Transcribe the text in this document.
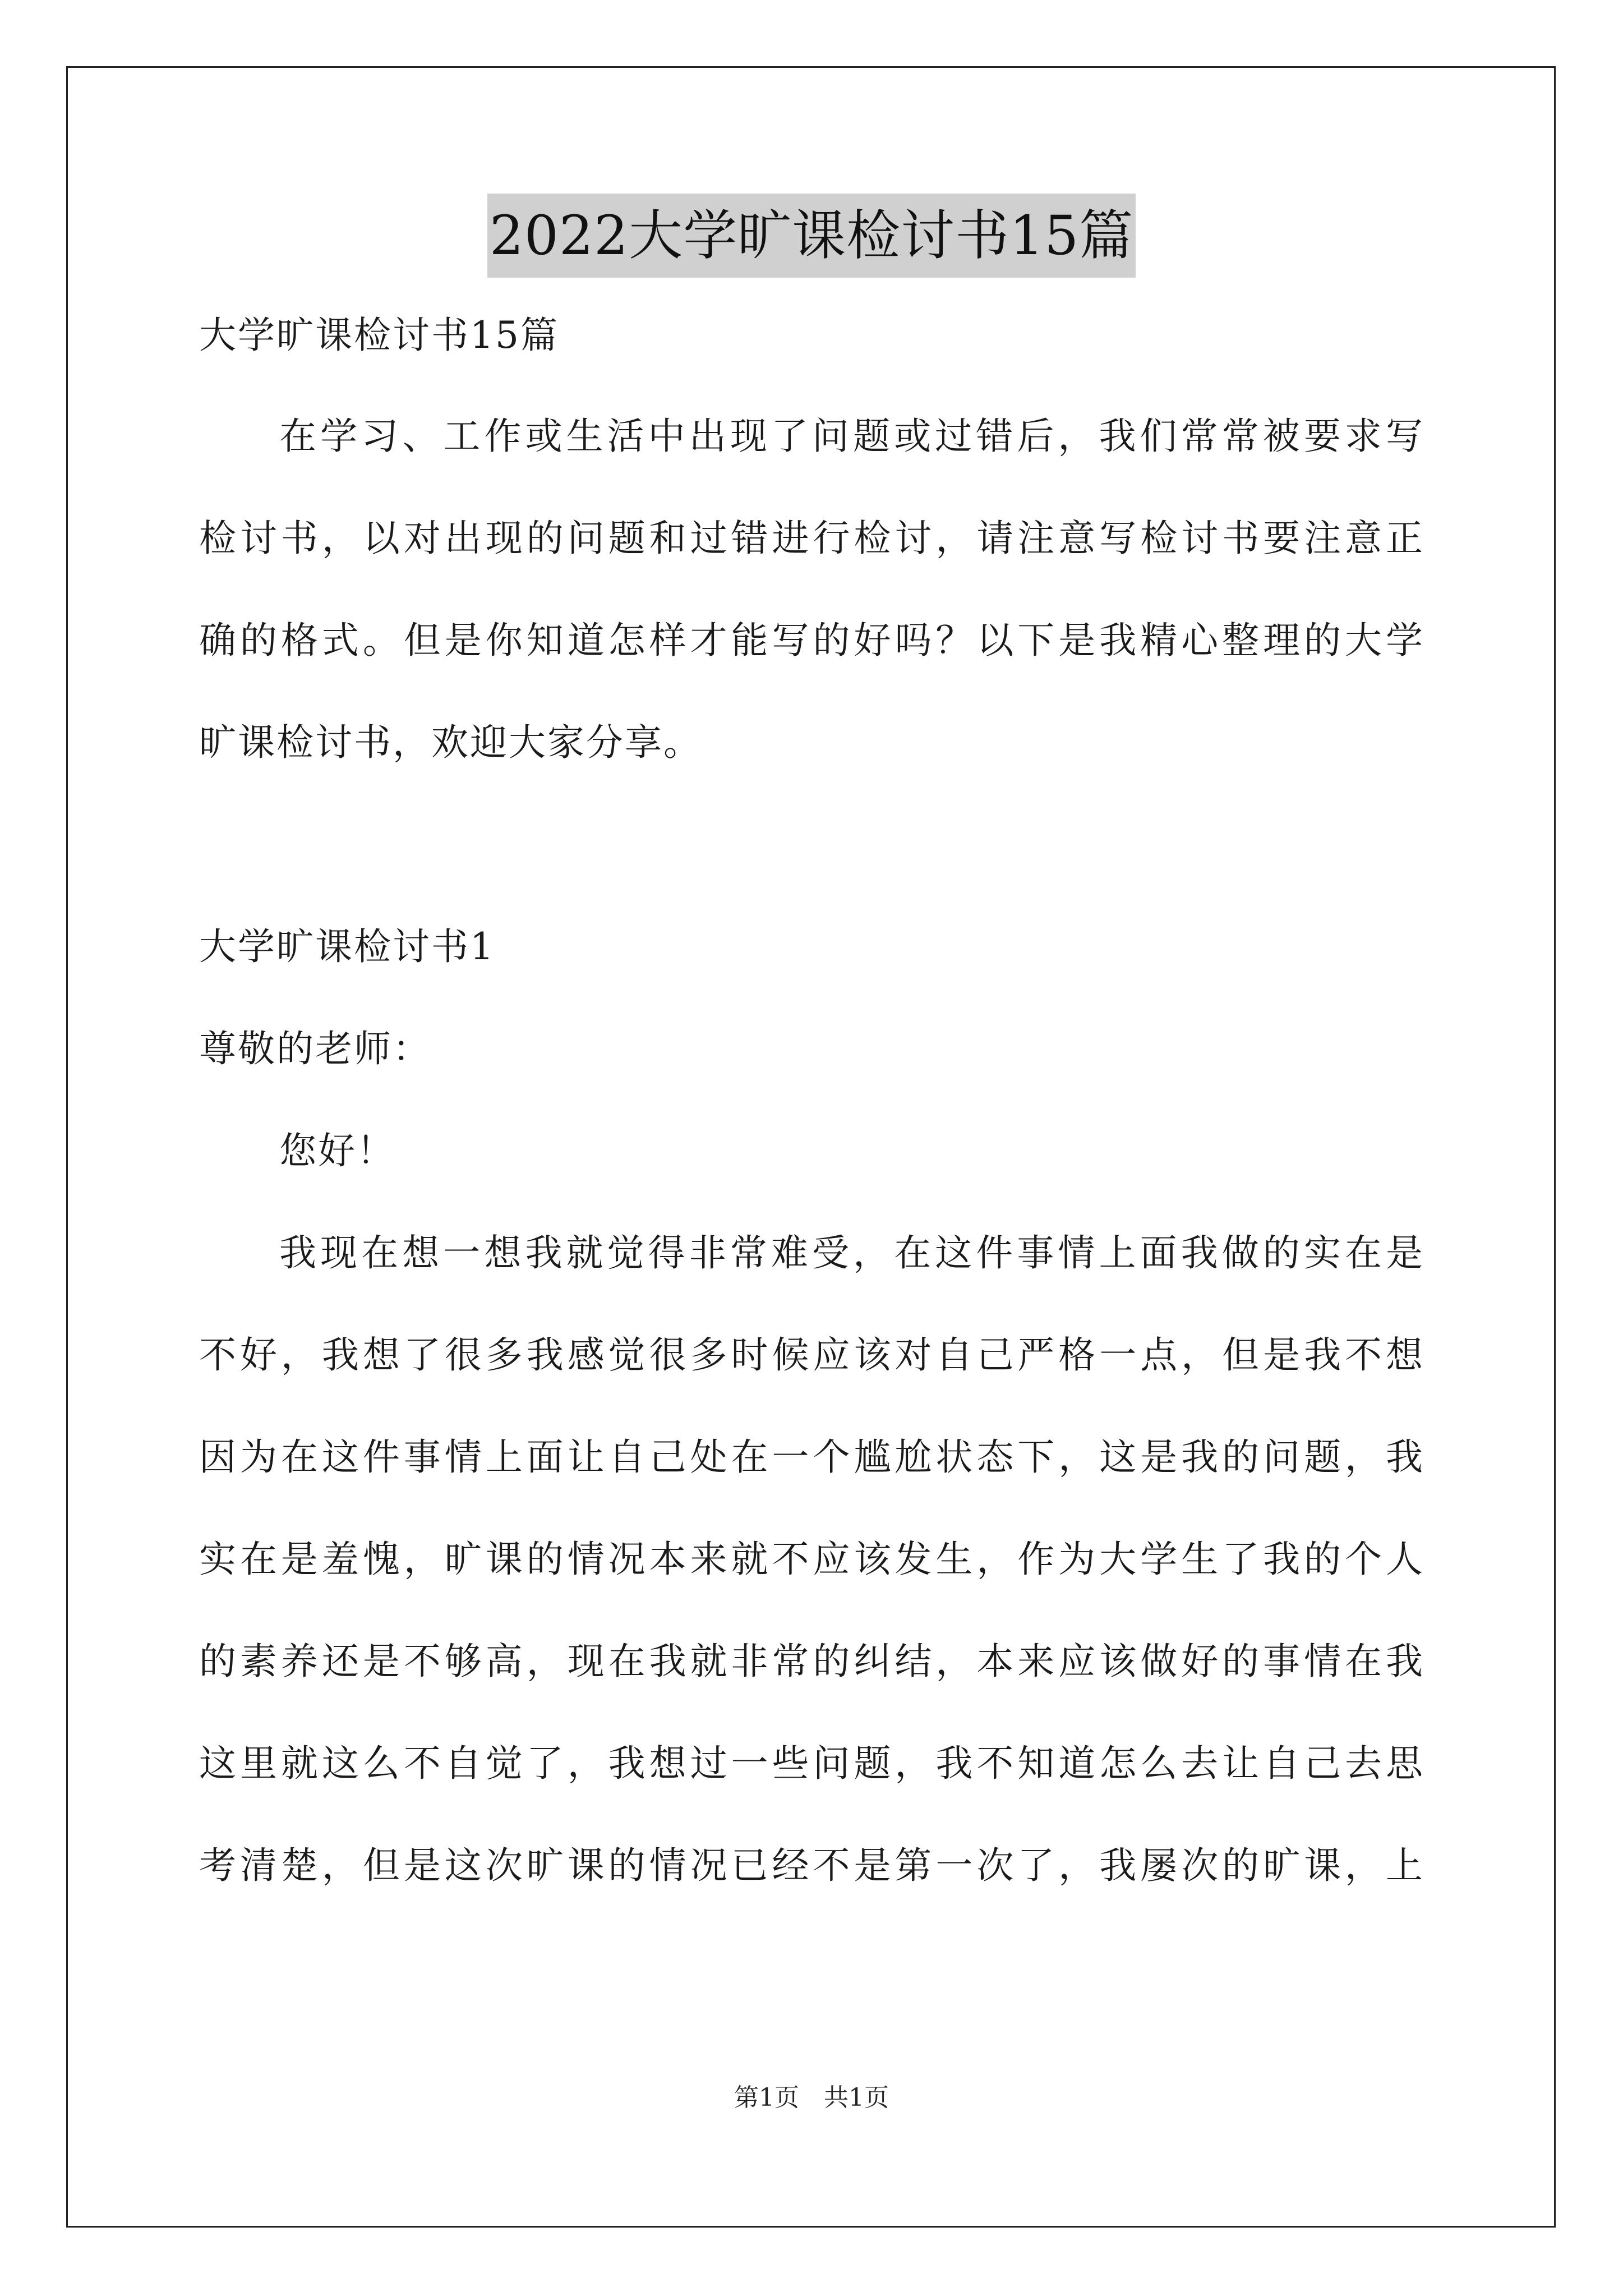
2022大学旷课检讨书15篇
大学旷课检讨书15篇
在学习、工作或生活中出现了问题或过错后，我们常常被要求写
检讨书，以对出现的问题和过错进行检讨，请注意写检讨书要注意正
确的格式。但是你知道怎样才能写的好吗？以下是我精心整理的大学
旷课检讨书，欢迎大家分享。
大学旷课检讨书1
尊敬的老师：
您好！
我现在想一想我就觉得非常难受，在这件事情上面我做的实在是
不好，我想了很多我感觉很多时候应该对自己严格一点，但是我不想
因为在这件事情上面让自己处在一个尴尬状态下，这是我的问题，我
实在是羞愧，旷课的情况本来就不应该发生，作为大学生了我的个人
的素养还是不够高，现在我就非常的纠结，本来应该做好的事情在我
这里就这么不自觉了，我想过一些问题，我不知道怎么去让自己去思
考清楚，但是这次旷课的情况已经不是第一次了，我屡次的旷课，上
第1页　共1页
